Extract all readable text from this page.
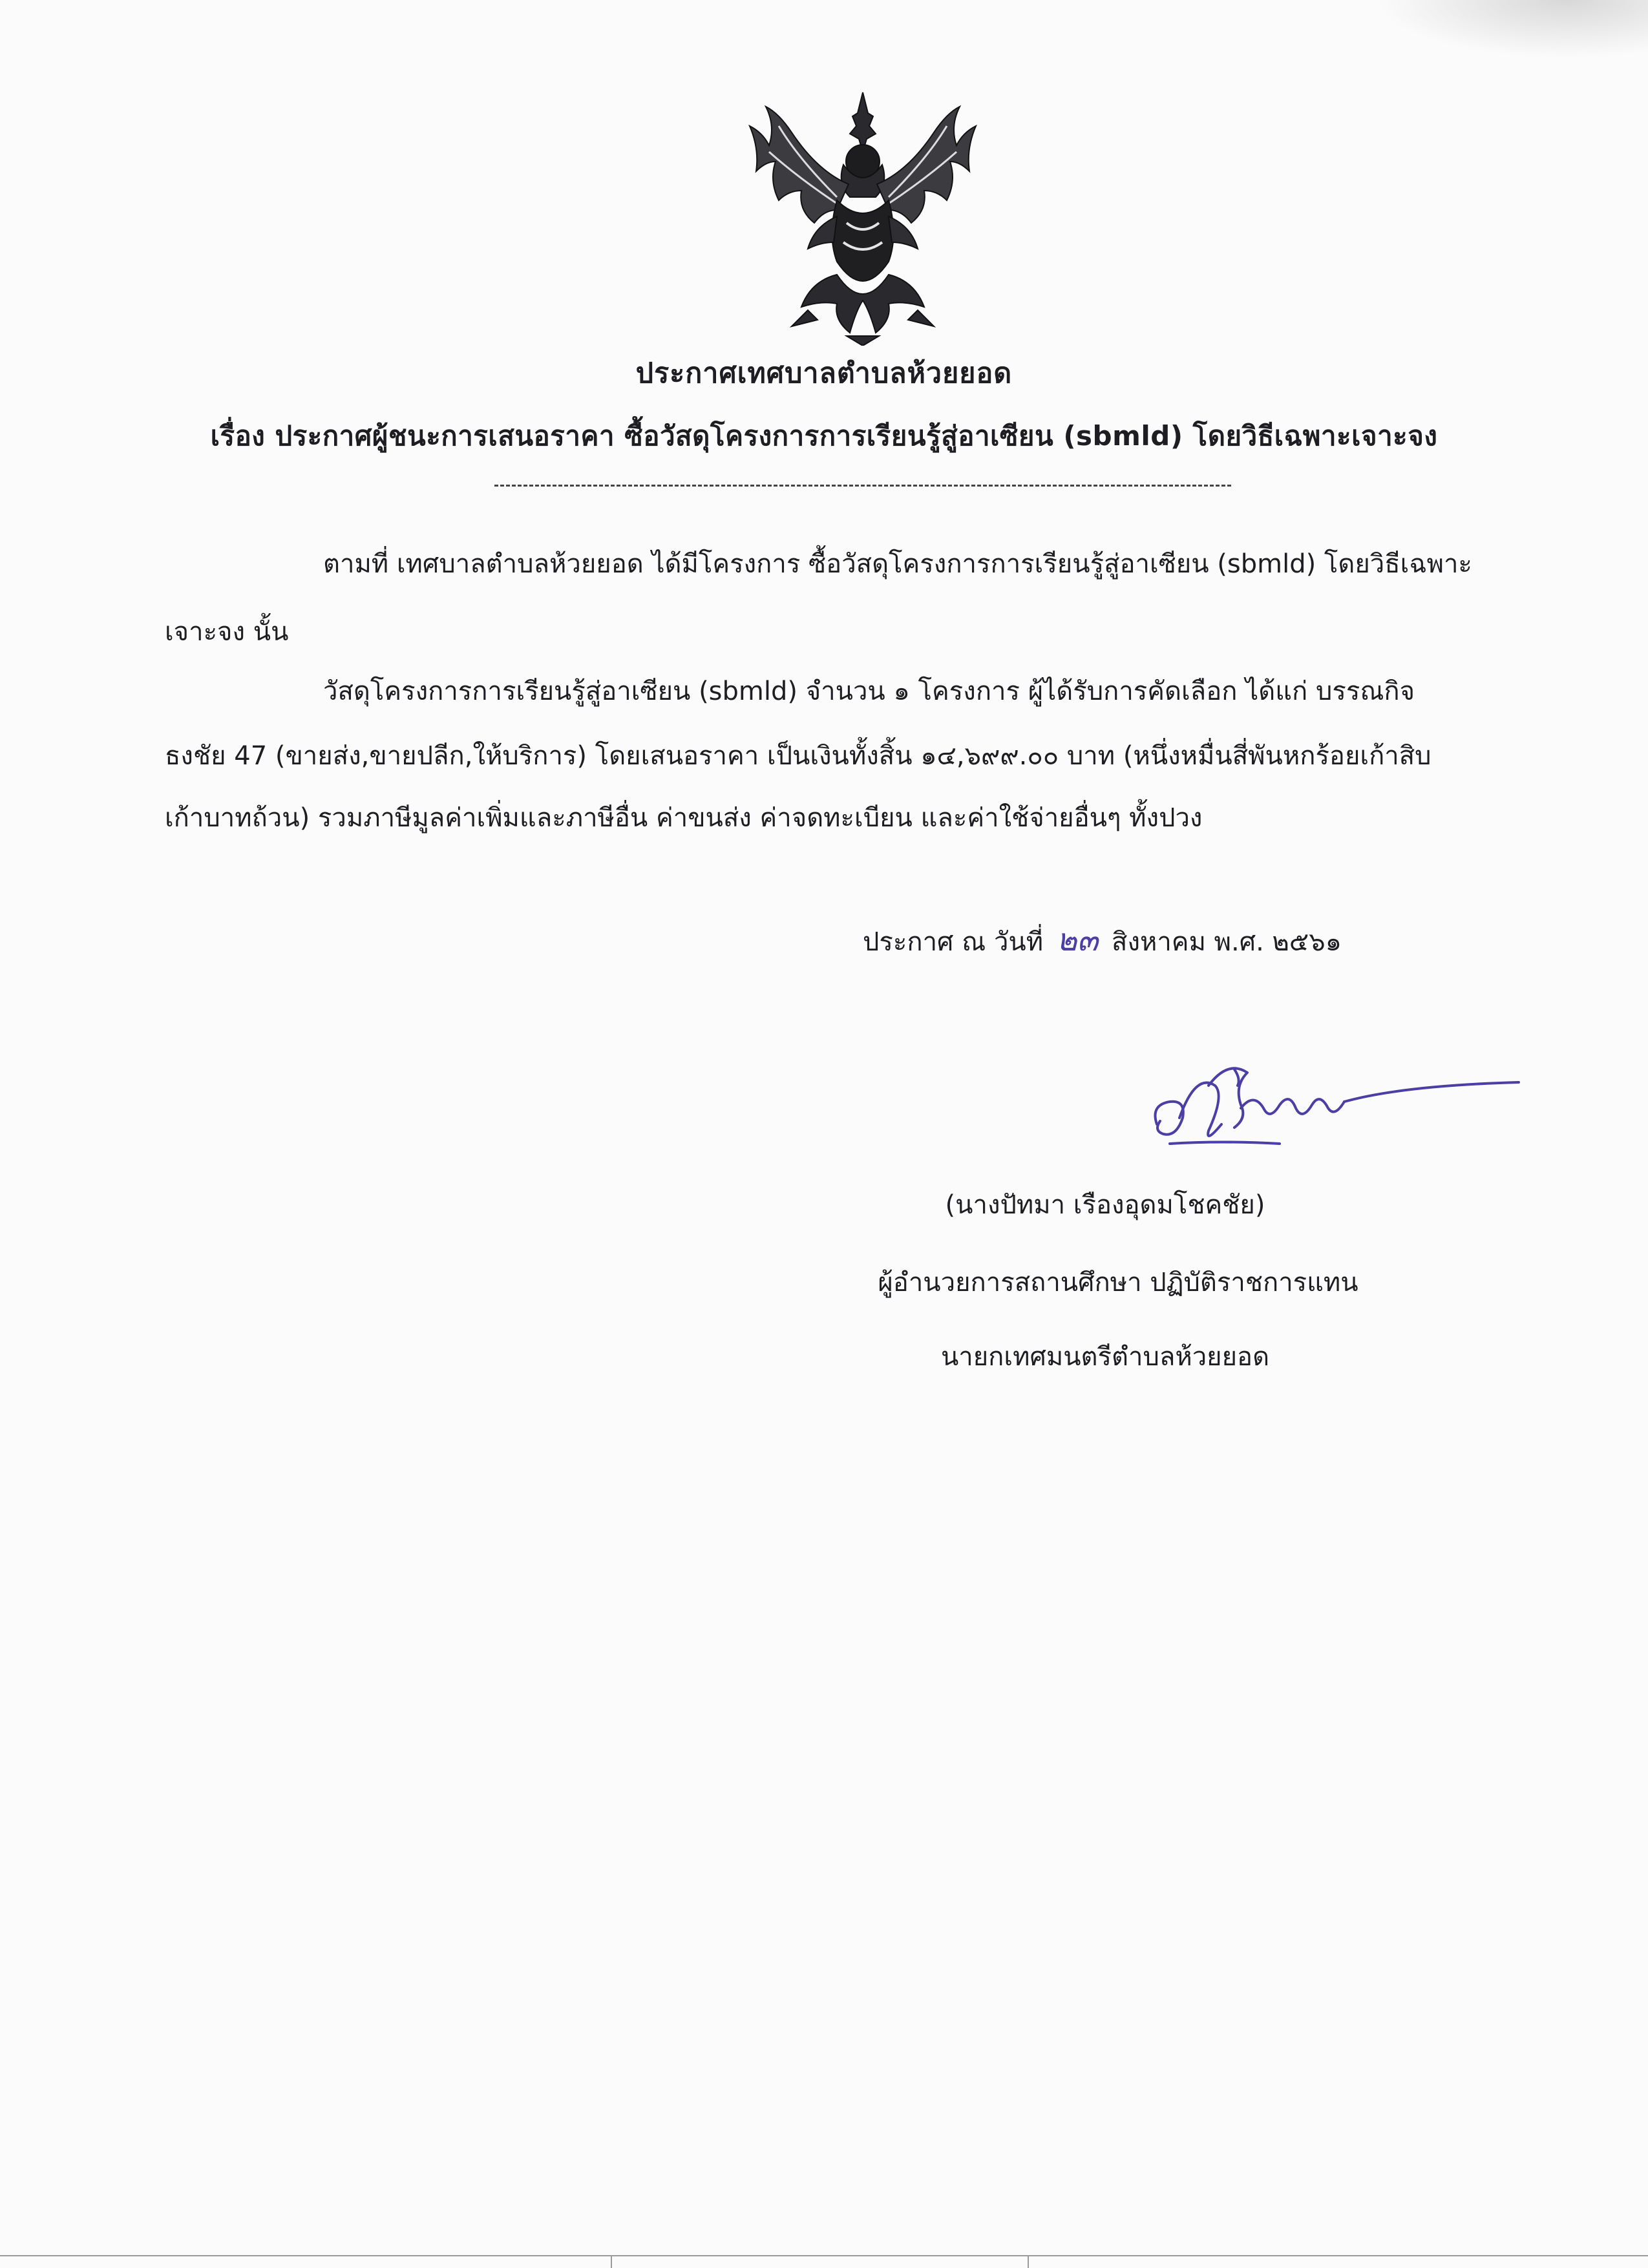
ประกาศเทศบาลตำบลห้วยยอด
เรื่อง ประกาศผู้ชนะการเสนอราคา ซื้อวัสดุโครงการการเรียนรู้สู่อาเซียน (sbmld) โดยวิธีเฉพาะเจาะจง
ตามที่ เทศบาลตำบลห้วยยอด ได้มีโครงการ ซื้อวัสดุโครงการการเรียนรู้สู่อาเซียน (sbmld) โดยวิธีเฉพาะ
เจาะจง นั้น
วัสดุโครงการการเรียนรู้สู่อาเซียน (sbmld) จำนวน ๑ โครงการ ผู้ได้รับการคัดเลือก ได้แก่ บรรณกิจ
ธงชัย 47 (ขายส่ง,ขายปลีก,ให้บริการ) โดยเสนอราคา เป็นเงินทั้งสิ้น ๑๔,๖๙๙.๐๐ บาท (หนึ่งหมื่นสี่พันหกร้อยเก้าสิบ
เก้าบาทถ้วน) รวมภาษีมูลค่าเพิ่มและภาษีอื่น ค่าขนส่ง ค่าจดทะเบียน และค่าใช้จ่ายอื่นๆ ทั้งปวง
ประกาศ ณ วันที่ ๒๓ สิงหาคม พ.ศ. ๒๕๖๑
(นางปัทมา เรืองอุดมโชคชัย)
ผู้อำนวยการสถานศึกษา ปฏิบัติราชการแทน
นายกเทศมนตรีตำบลห้วยยอด
